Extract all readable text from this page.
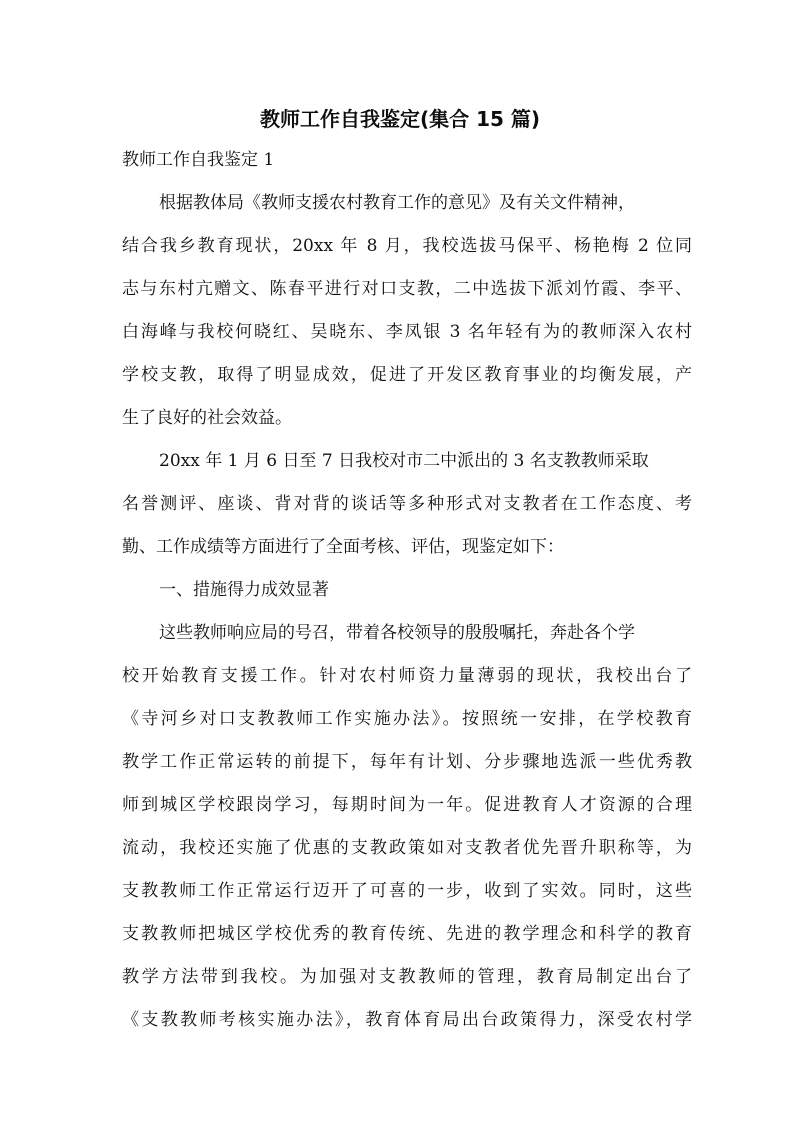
教师工作自我鉴定(集合 15 篇)
教师工作自我鉴定 1
根据教体局《教师支援农村教育工作的意见》及有关文件精神，
结合我乡教育现状，20xx 年 8 月，我校选拔马保平、杨艳梅 2 位同
志与东村亢赠文、陈春平进行对口支教，二中选拔下派刘竹霞、李平、
白海峰与我校何晓红、吴晓东、李凤银 3 名年轻有为的教师深入农村
学校支教，取得了明显成效，促进了开发区教育事业的均衡发展，产
生了良好的社会效益。
20xx 年 1 月 6 日至 7 日我校对市二中派出的 3 名支教教师采取
名誉测评、座谈、背对背的谈话等多种形式对支教者在工作态度、考
勤、工作成绩等方面进行了全面考核、评估，现鉴定如下：
一、措施得力成效显著
这些教师响应局的号召，带着各校领导的殷殷嘱托，奔赴各个学
校开始教育支援工作。针对农村师资力量薄弱的现状，我校出台了
《寺河乡对口支教教师工作实施办法》。按照统一安排，在学校教育
教学工作正常运转的前提下，每年有计划、分步骤地选派一些优秀教
师到城区学校跟岗学习，每期时间为一年。促进教育人才资源的合理
流动，我校还实施了优惠的支教政策如对支教者优先晋升职称等，为
支教教师工作正常运行迈开了可喜的一步，收到了实效。同时，这些
支教教师把城区学校优秀的教育传统、先进的教学理念和科学的教育
教学方法带到我校。为加强对支教教师的管理，教育局制定出台了
《支教教师考核实施办法》，教育体育局出台政策得力，深受农村学
